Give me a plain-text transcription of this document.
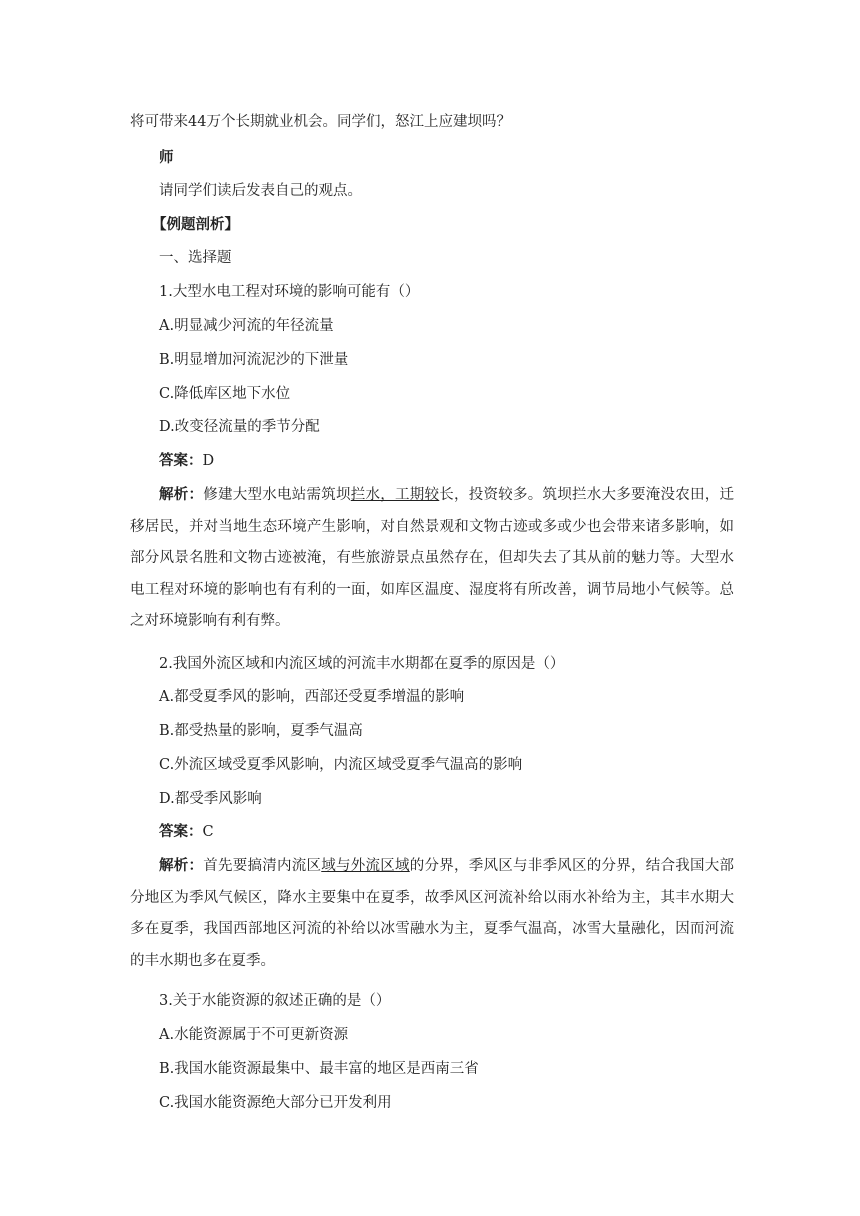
将可带来44万个长期就业机会。同学们，怒江上应建坝吗？
师
请同学们读后发表自己的观点。
【例题剖析】
一、选择题
1.大型水电工程对环境的影响可能有（）
A.明显减少河流的年径流量
B.明显增加河流泥沙的下泄量
C.降低库区地下水位
D.改变径流量的季节分配
答案：D
解析：修建大型水电站需筑坝拦水，工期较长，投资较多。筑坝拦水大多要淹没农田，迁移居民，并对当地生态环境产生影响，对自然景观和文物古迹或多或少也会带来诸多影响，如部分风景名胜和文物古迹被淹，有些旅游景点虽然存在，但却失去了其从前的魅力等。大型水电工程对环境的影响也有有利的一面，如库区温度、湿度将有所改善，调节局地小气候等。总之对环境影响有利有弊。
2.我国外流区域和内流区域的河流丰水期都在夏季的原因是（）
A.都受夏季风的影响，西部还受夏季增温的影响
B.都受热量的影响，夏季气温高
C.外流区域受夏季风影响，内流区域受夏季气温高的影响
D.都受季风影响
答案：C
解析：首先要搞清内流区域与外流区域的分界，季风区与非季风区的分界，结合我国大部分地区为季风气候区，降水主要集中在夏季，故季风区河流补给以雨水补给为主，其丰水期大多在夏季，我国西部地区河流的补给以冰雪融水为主，夏季气温高，冰雪大量融化，因而河流的丰水期也多在夏季。
3.关于水能资源的叙述正确的是（）
A.水能资源属于不可更新资源
B.我国水能资源最集中、最丰富的地区是西南三省
C.我国水能资源绝大部分已开发利用
